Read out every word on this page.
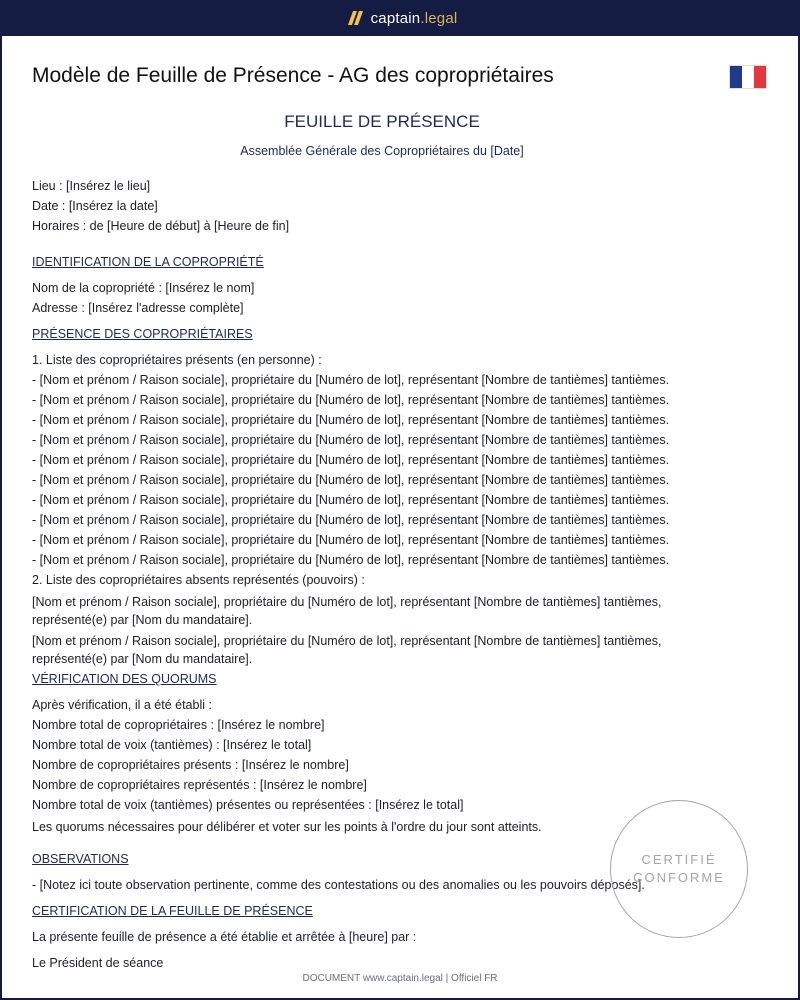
captain.legal
Modèle de Feuille de Présence - AG des copropriétaires
FEUILLE DE PRÉSENCE
Assemblée Générale des Copropriétaires du [Date]
Lieu : [Insérez le lieu]
Date : [Insérez la date]
Horaires : de [Heure de début] à [Heure de fin]
IDENTIFICATION DE LA COPROPRIÉTÉ
Nom de la copropriété : [Insérez le nom]
Adresse : [Insérez l'adresse complète]
PRÉSENCE DES COPROPRIÉTAIRES
1. Liste des copropriétaires présents (en personne) :
- [Nom et prénom / Raison sociale], propriétaire du [Numéro de lot], représentant [Nombre de tantièmes] tantièmes.
- [Nom et prénom / Raison sociale], propriétaire du [Numéro de lot], représentant [Nombre de tantièmes] tantièmes.
- [Nom et prénom / Raison sociale], propriétaire du [Numéro de lot], représentant [Nombre de tantièmes] tantièmes.
- [Nom et prénom / Raison sociale], propriétaire du [Numéro de lot], représentant [Nombre de tantièmes] tantièmes.
- [Nom et prénom / Raison sociale], propriétaire du [Numéro de lot], représentant [Nombre de tantièmes] tantièmes.
- [Nom et prénom / Raison sociale], propriétaire du [Numéro de lot], représentant [Nombre de tantièmes] tantièmes.
- [Nom et prénom / Raison sociale], propriétaire du [Numéro de lot], représentant [Nombre de tantièmes] tantièmes.
- [Nom et prénom / Raison sociale], propriétaire du [Numéro de lot], représentant [Nombre de tantièmes] tantièmes.
- [Nom et prénom / Raison sociale], propriétaire du [Numéro de lot], représentant [Nombre de tantièmes] tantièmes.
- [Nom et prénom / Raison sociale], propriétaire du [Numéro de lot], représentant [Nombre de tantièmes] tantièmes.
2. Liste des copropriétaires absents représentés (pouvoirs) :
[Nom et prénom / Raison sociale], propriétaire du [Numéro de lot], représentant [Nombre de tantièmes] tantièmes, représenté(e) par [Nom du mandataire].
[Nom et prénom / Raison sociale], propriétaire du [Numéro de lot], représentant [Nombre de tantièmes] tantièmes, représenté(e) par [Nom du mandataire].
VÉRIFICATION DES QUORUMS
Après vérification, il a été établi :
Nombre total de copropriétaires : [Insérez le nombre]
Nombre total de voix (tantièmes) : [Insérez le total]
Nombre de copropriétaires présents : [Insérez le nombre]
Nombre de copropriétaires représentés : [Insérez le nombre]
Nombre total de voix (tantièmes) présentes ou représentées : [Insérez le total]
Les quorums nécessaires pour délibérer et voter sur les points à l'ordre du jour sont atteints.
OBSERVATIONS
- [Notez ici toute observation pertinente, comme des contestations ou des anomalies ou les pouvoirs déposés].
CERTIFICATION DE LA FEUILLE DE PRÉSENCE
La présente feuille de présence a été établie et arrêtée à [heure] par :
Le Président de séance
CERTIFIÉ
CONFORME
DOCUMENT www.captain.legal | Officiel FR
